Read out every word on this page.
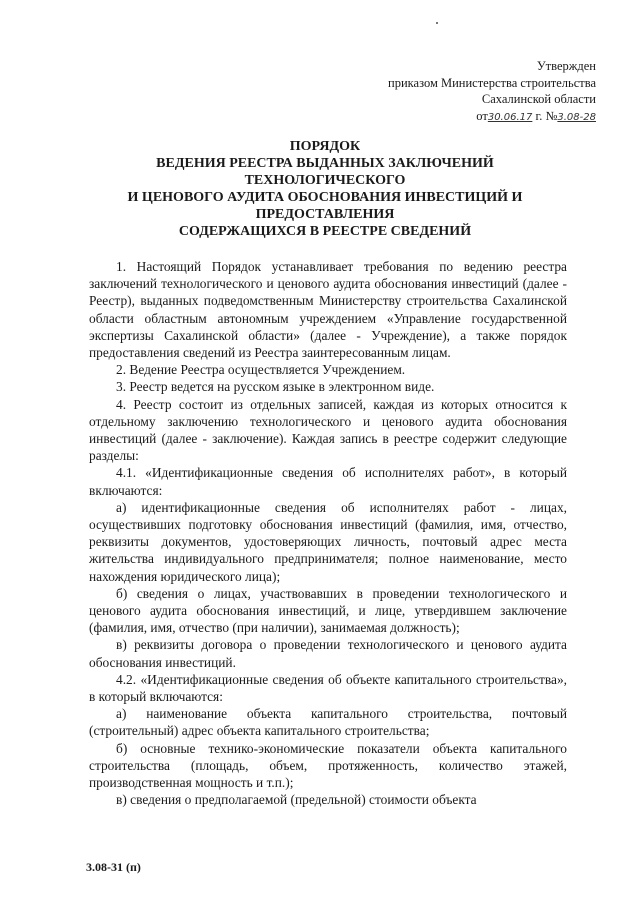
Утвержден
приказом Министерства строительства
Сахалинской области
от30.06.17 г. №3.08-28
ПОРЯДОК
ВЕДЕНИЯ РЕЕСТРА ВЫДАННЫХ ЗАКЛЮЧЕНИЙ
ТЕХНОЛОГИЧЕСКОГО
И ЦЕНОВОГО АУДИТА ОБОСНОВАНИЯ ИНВЕСТИЦИЙ И
ПРЕДОСТАВЛЕНИЯ
СОДЕРЖАЩИХСЯ В РЕЕСТРЕ СВЕДЕНИЙ

1. Настоящий Порядок устанавливает требования по ведению реестра заключений технологического и ценового аудита обоснования инвестиций (далее - Реестр), выданных подведомственным Министерству строительства Сахалинской области областным автономным учреждением «Управление государственной экспертизы Сахалинской области» (далее - Учреждение), а также порядок предоставления сведений из Реестра заинтересованным лицам.

2. Ведение Реестра осуществляется Учреждением.

3. Реестр ведется на русском языке в электронном виде.

4. Реестр состоит из отдельных записей, каждая из которых относится к отдельному заключению технологического и ценового аудита обоснования инвестиций (далее - заключение). Каждая запись в реестре содержит следующие разделы:

4.1. «Идентификационные сведения об исполнителях работ», в который включаются:

а) идентификационные сведения об исполнителях работ - лицах, осуществивших подготовку обоснования инвестиций (фамилия, имя, отчество, реквизиты документов, удостоверяющих личность, почтовый адрес места жительства индивидуального предпринимателя; полное наименование, место нахождения юридического лица);

б) сведения о лицах, участвовавших в проведении технологического и ценового аудита обоснования инвестиций, и лице, утвердившем заключение (фамилия, имя, отчество (при наличии), занимаемая должность);

в) реквизиты договора о проведении технологического и ценового аудита обоснования инвестиций.

4.2. «Идентификационные сведения об объекте капитального строительства», в который включаются:

а) наименование объекта капитального строительства, почтовый (строительный) адрес объекта капитального строительства;

б) основные технико-экономические показатели объекта капитального строительства (площадь, объем, протяженность, количество этажей, производственная мощность и т.п.);

в) сведения о предполагаемой (предельной) стоимости объекта

3.08-31 (п)
